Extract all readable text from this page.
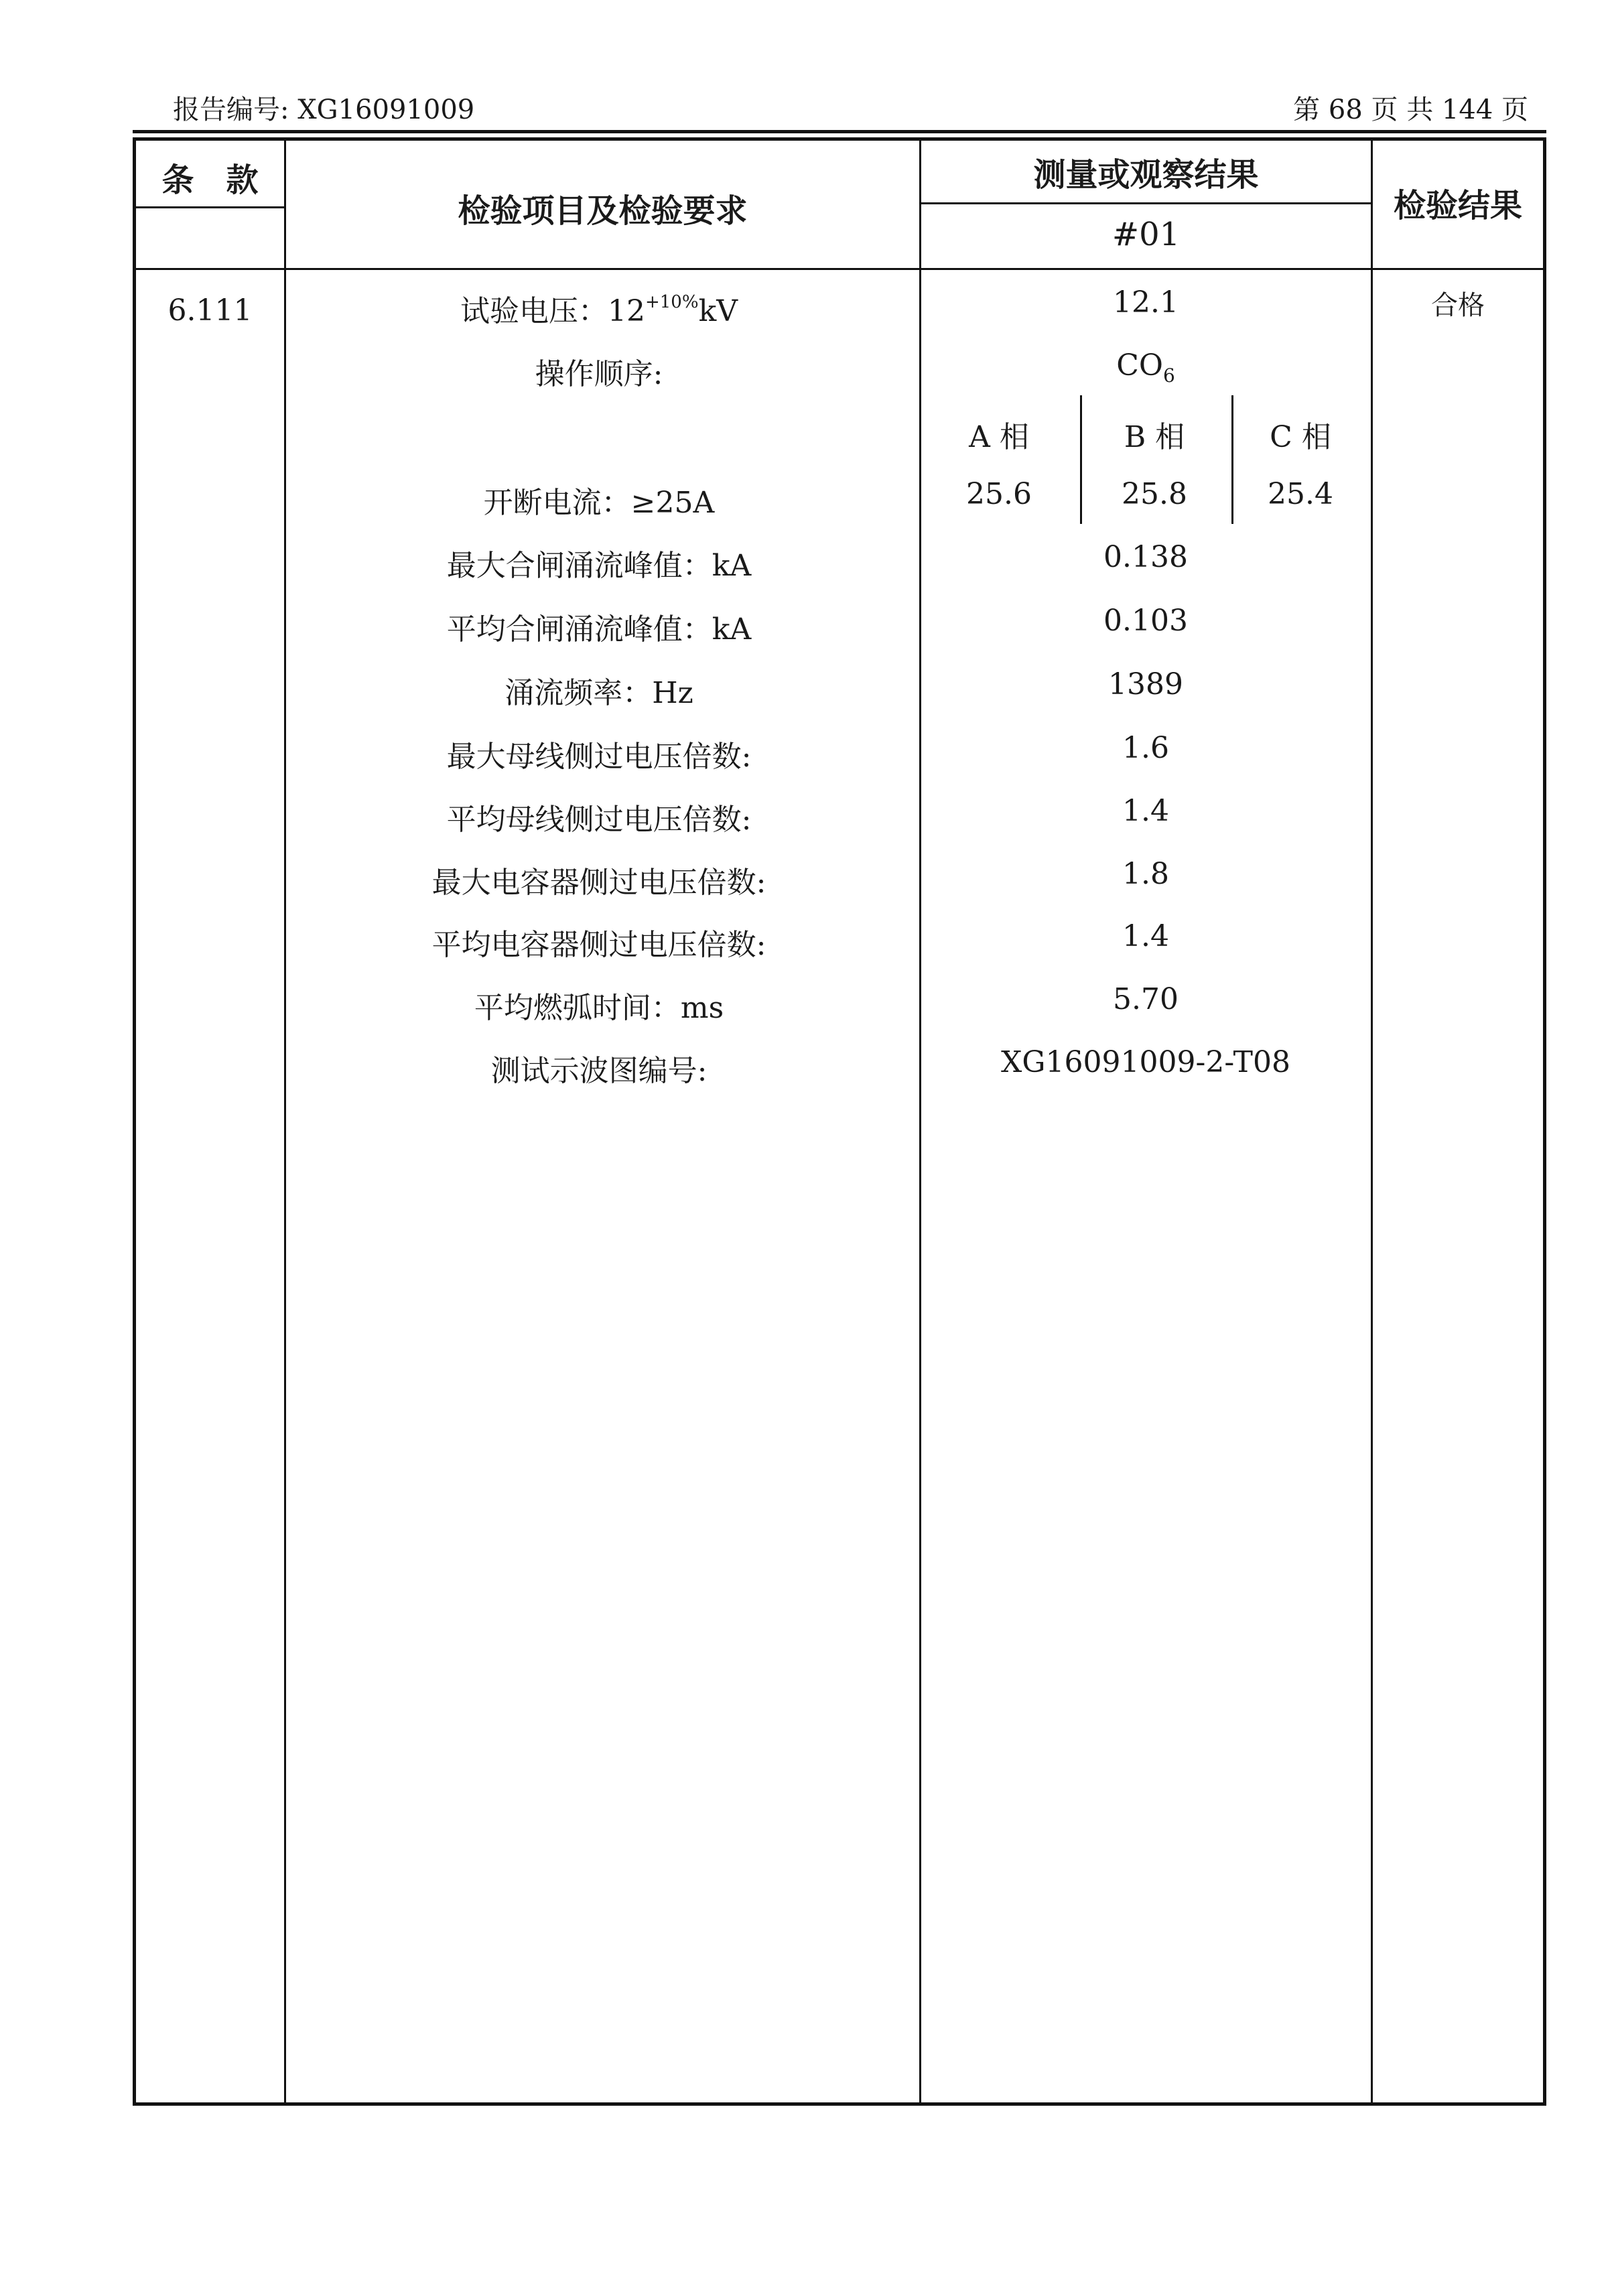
报告编号: XG16091009	第 68 页 共 144 页
条　款
检验项目及检验要求
测量或观察结果
#01
检验结果
6.111	合格
试验电压：$12^{+10\%}kV$	12.1
操作顺序:	$CO_6$
A 相	B 相	C 相
开断电流：≥25A	25.6	25.8	25.4
最大合闸涌流峰值：kA	0.138
平均合闸涌流峰值：kA	0.103
涌流频率：Hz	1389
最大母线侧过电压倍数:	1.6
平均母线侧过电压倍数:	1.4
最大电容器侧过电压倍数:	1.8
平均电容器侧过电压倍数:	1.4
平均燃弧时间：ms	5.70
测试示波图编号:	XG16091009-2-T08
